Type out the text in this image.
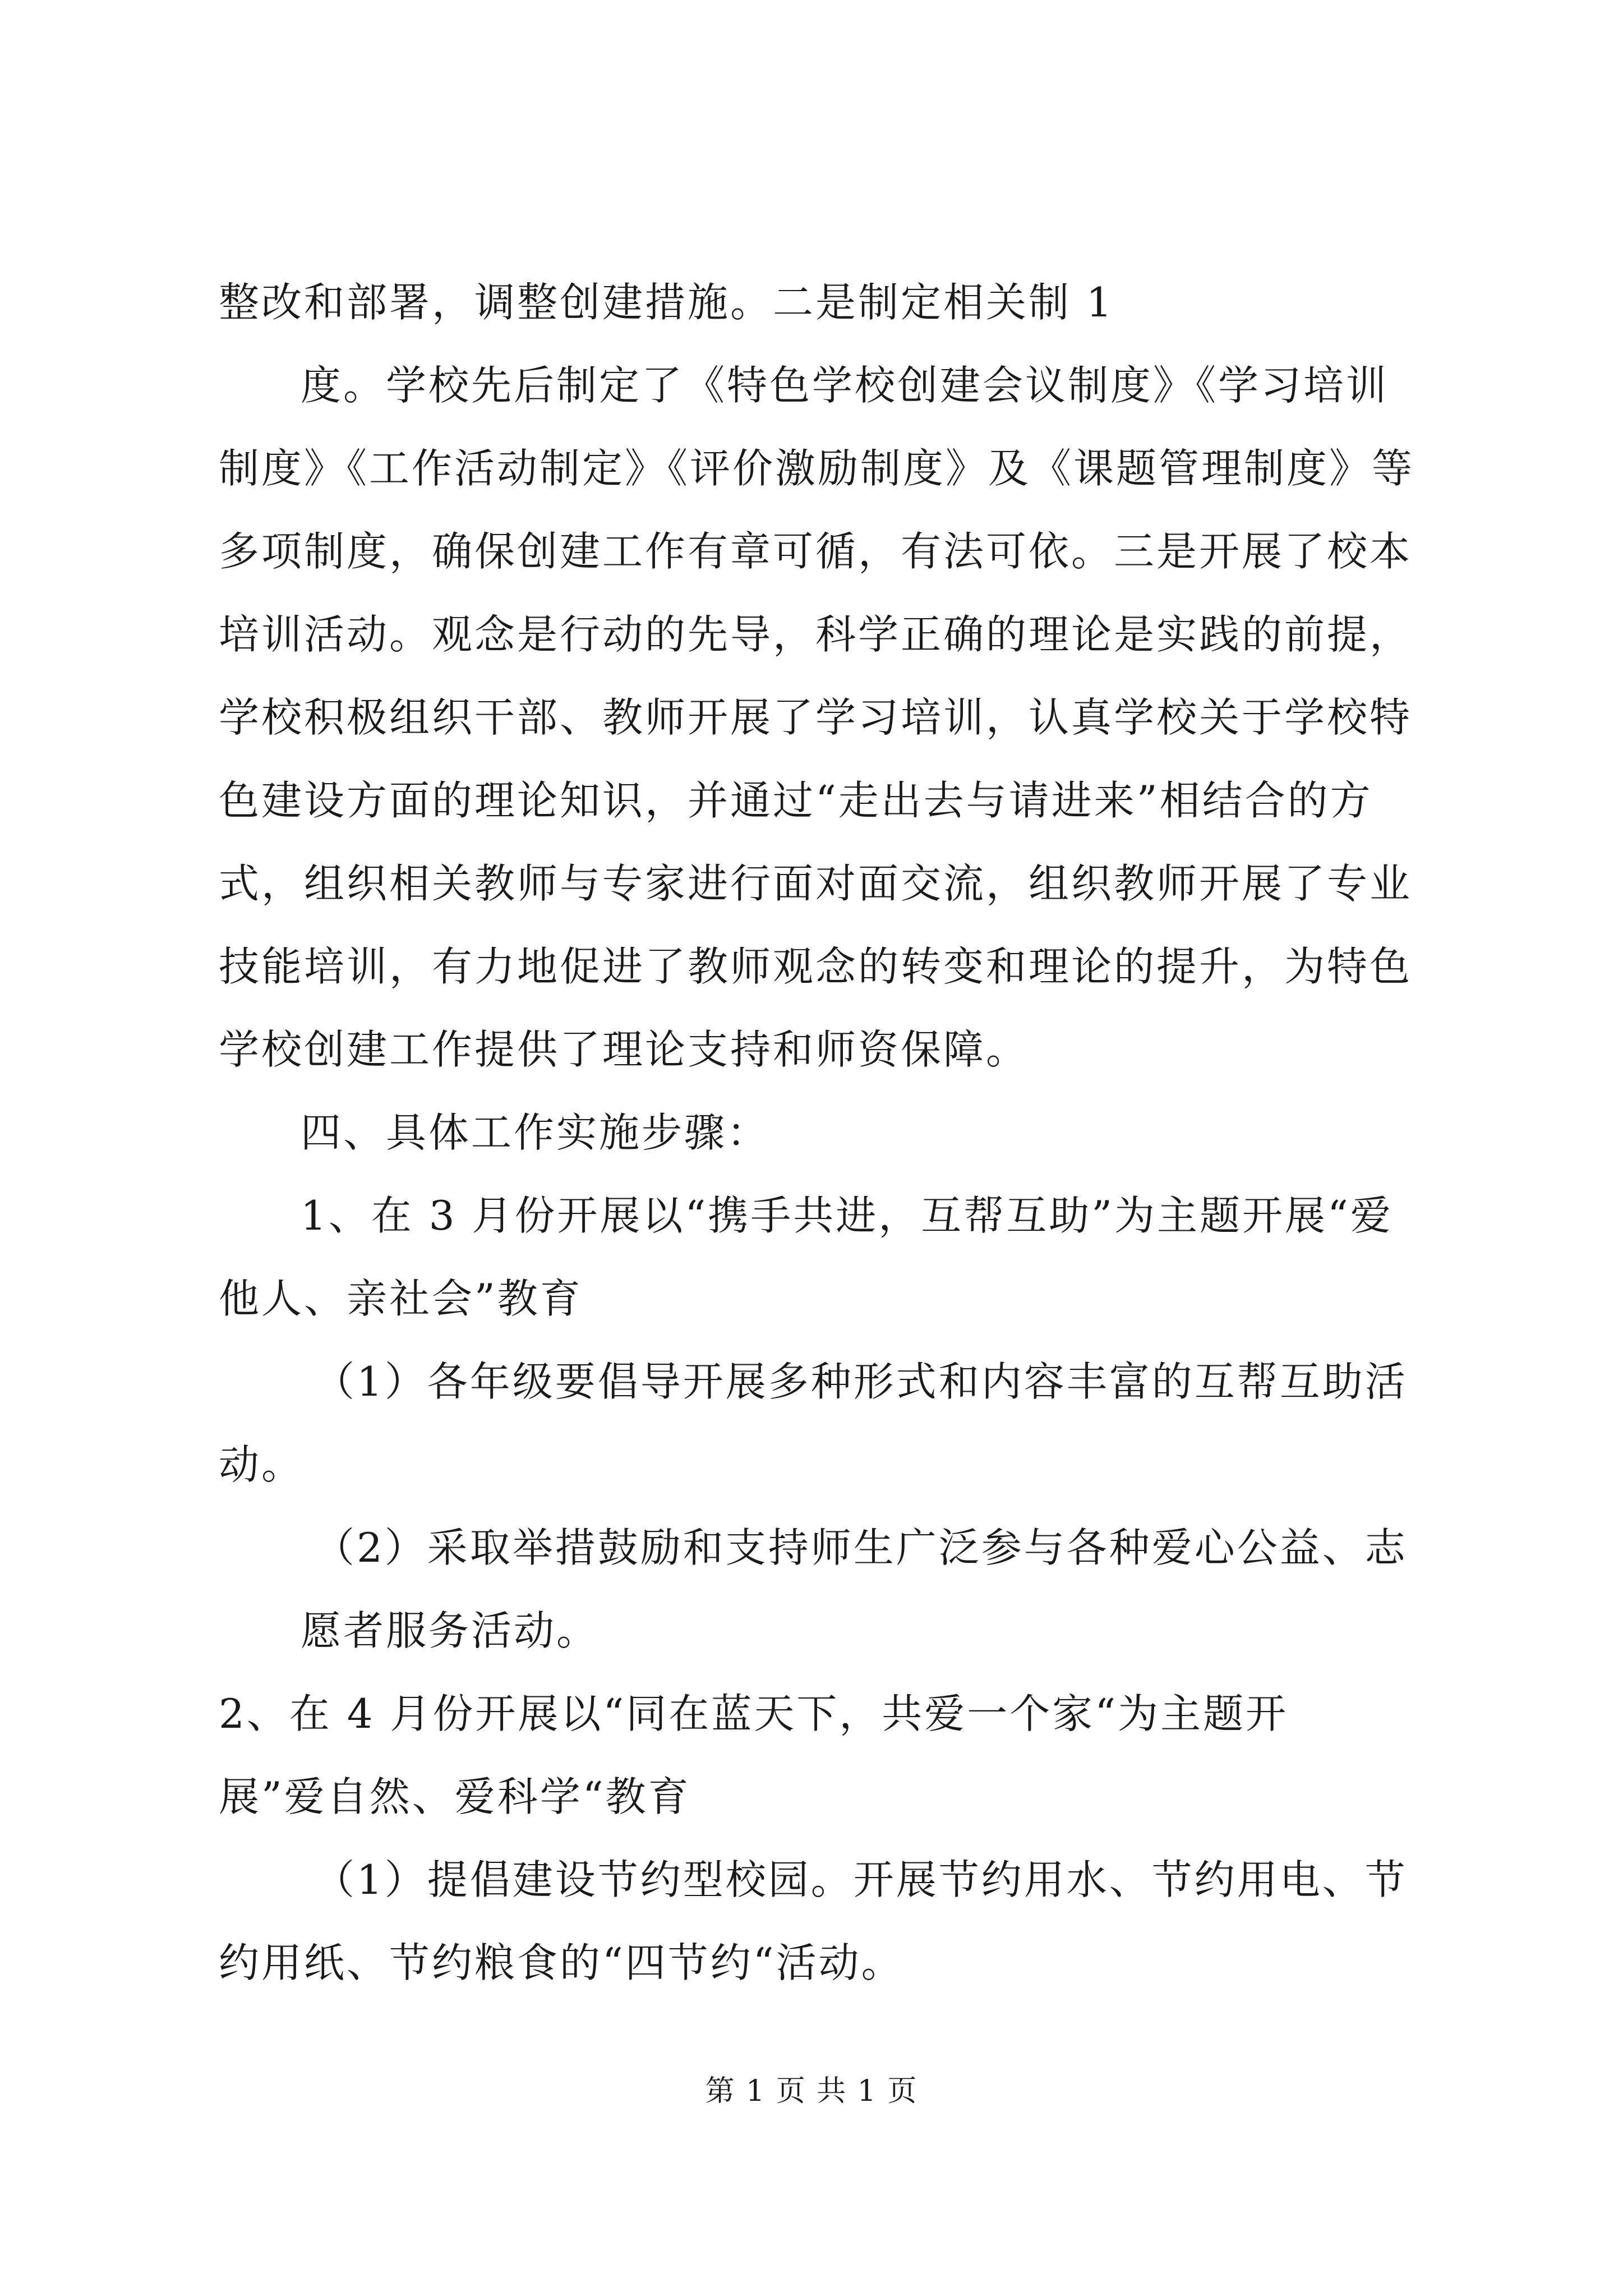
整改和部署，调整创建措施。二是制定相关制 1
度。学校先后制定了《特色学校创建会议制度》《学习培训
制度》《工作活动制定》《评价激励制度》及《课题管理制度》等
多项制度，确保创建工作有章可循，有法可依。三是开展了校本
培训活动。观念是行动的先导，科学正确的理论是实践的前提，
学校积极组织干部、教师开展了学习培训，认真学校关于学校特
色建设方面的理论知识，并通过“走出去与请进来”相结合的方
式，组织相关教师与专家进行面对面交流，组织教师开展了专业
技能培训，有力地促进了教师观念的转变和理论的提升，为特色
学校创建工作提供了理论支持和师资保障。
四、具体工作实施步骤：
1、在 3 月份开展以“携手共进，互帮互助”为主题开展“爱
他人、亲社会”教育
（1）各年级要倡导开展多种形式和内容丰富的互帮互助活
动。
（2）采取举措鼓励和支持师生广泛参与各种爱心公益、志
愿者服务活动。
2、在 4 月份开展以“同在蓝天下，共爱一个家“为主题开
展”爱自然、爱科学“教育
（1）提倡建设节约型校园。开展节约用水、节约用电、节
约用纸、节约粮食的“四节约“活动。
第 1 页 共 1 页
